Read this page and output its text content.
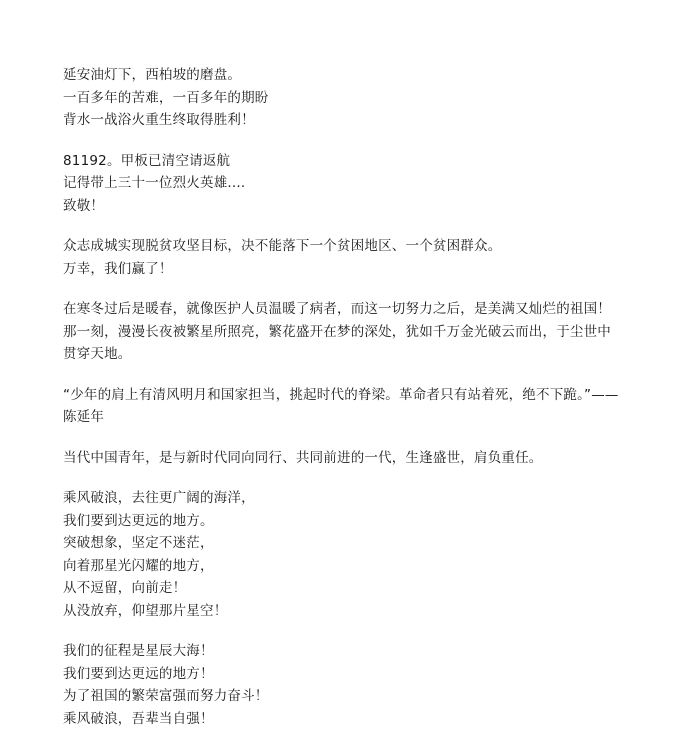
延安油灯下，西柏坡的磨盘。
一百多年的苦难，一百多年的期盼
背水一战浴火重生终取得胜利！
81192。甲板已清空请返航
记得带上三十一位烈火英雄....
致敬！
众志成城实现脱贫攻坚目标，决不能落下一个贫困地区、一个贫困群众。
万幸，我们赢了！
在寒冬过后是暖春，就像医护人员温暖了病者，而这一切努力之后，是美满又灿烂的祖国！
那一刻，漫漫长夜被繁星所照亮，繁花盛开在梦的深处，犹如千万金光破云而出，于尘世中
贯穿天地。
“少年的肩上有清风明月和国家担当，挑起时代的脊梁。革命者只有站着死，绝不下跪。”——
陈延年
当代中国青年，是与新时代同向同行、共同前进的一代，生逢盛世，肩负重任。
乘风破浪，去往更广阔的海洋，
我们要到达更远的地方。
突破想象，坚定不迷茫，
向着那星光闪耀的地方，
从不逗留，向前走！
从没放弃，仰望那片星空！
我们的征程是星辰大海！
我们要到达更远的地方！
为了祖国的繁荣富强而努力奋斗！
乘风破浪，吾辈当自强！
